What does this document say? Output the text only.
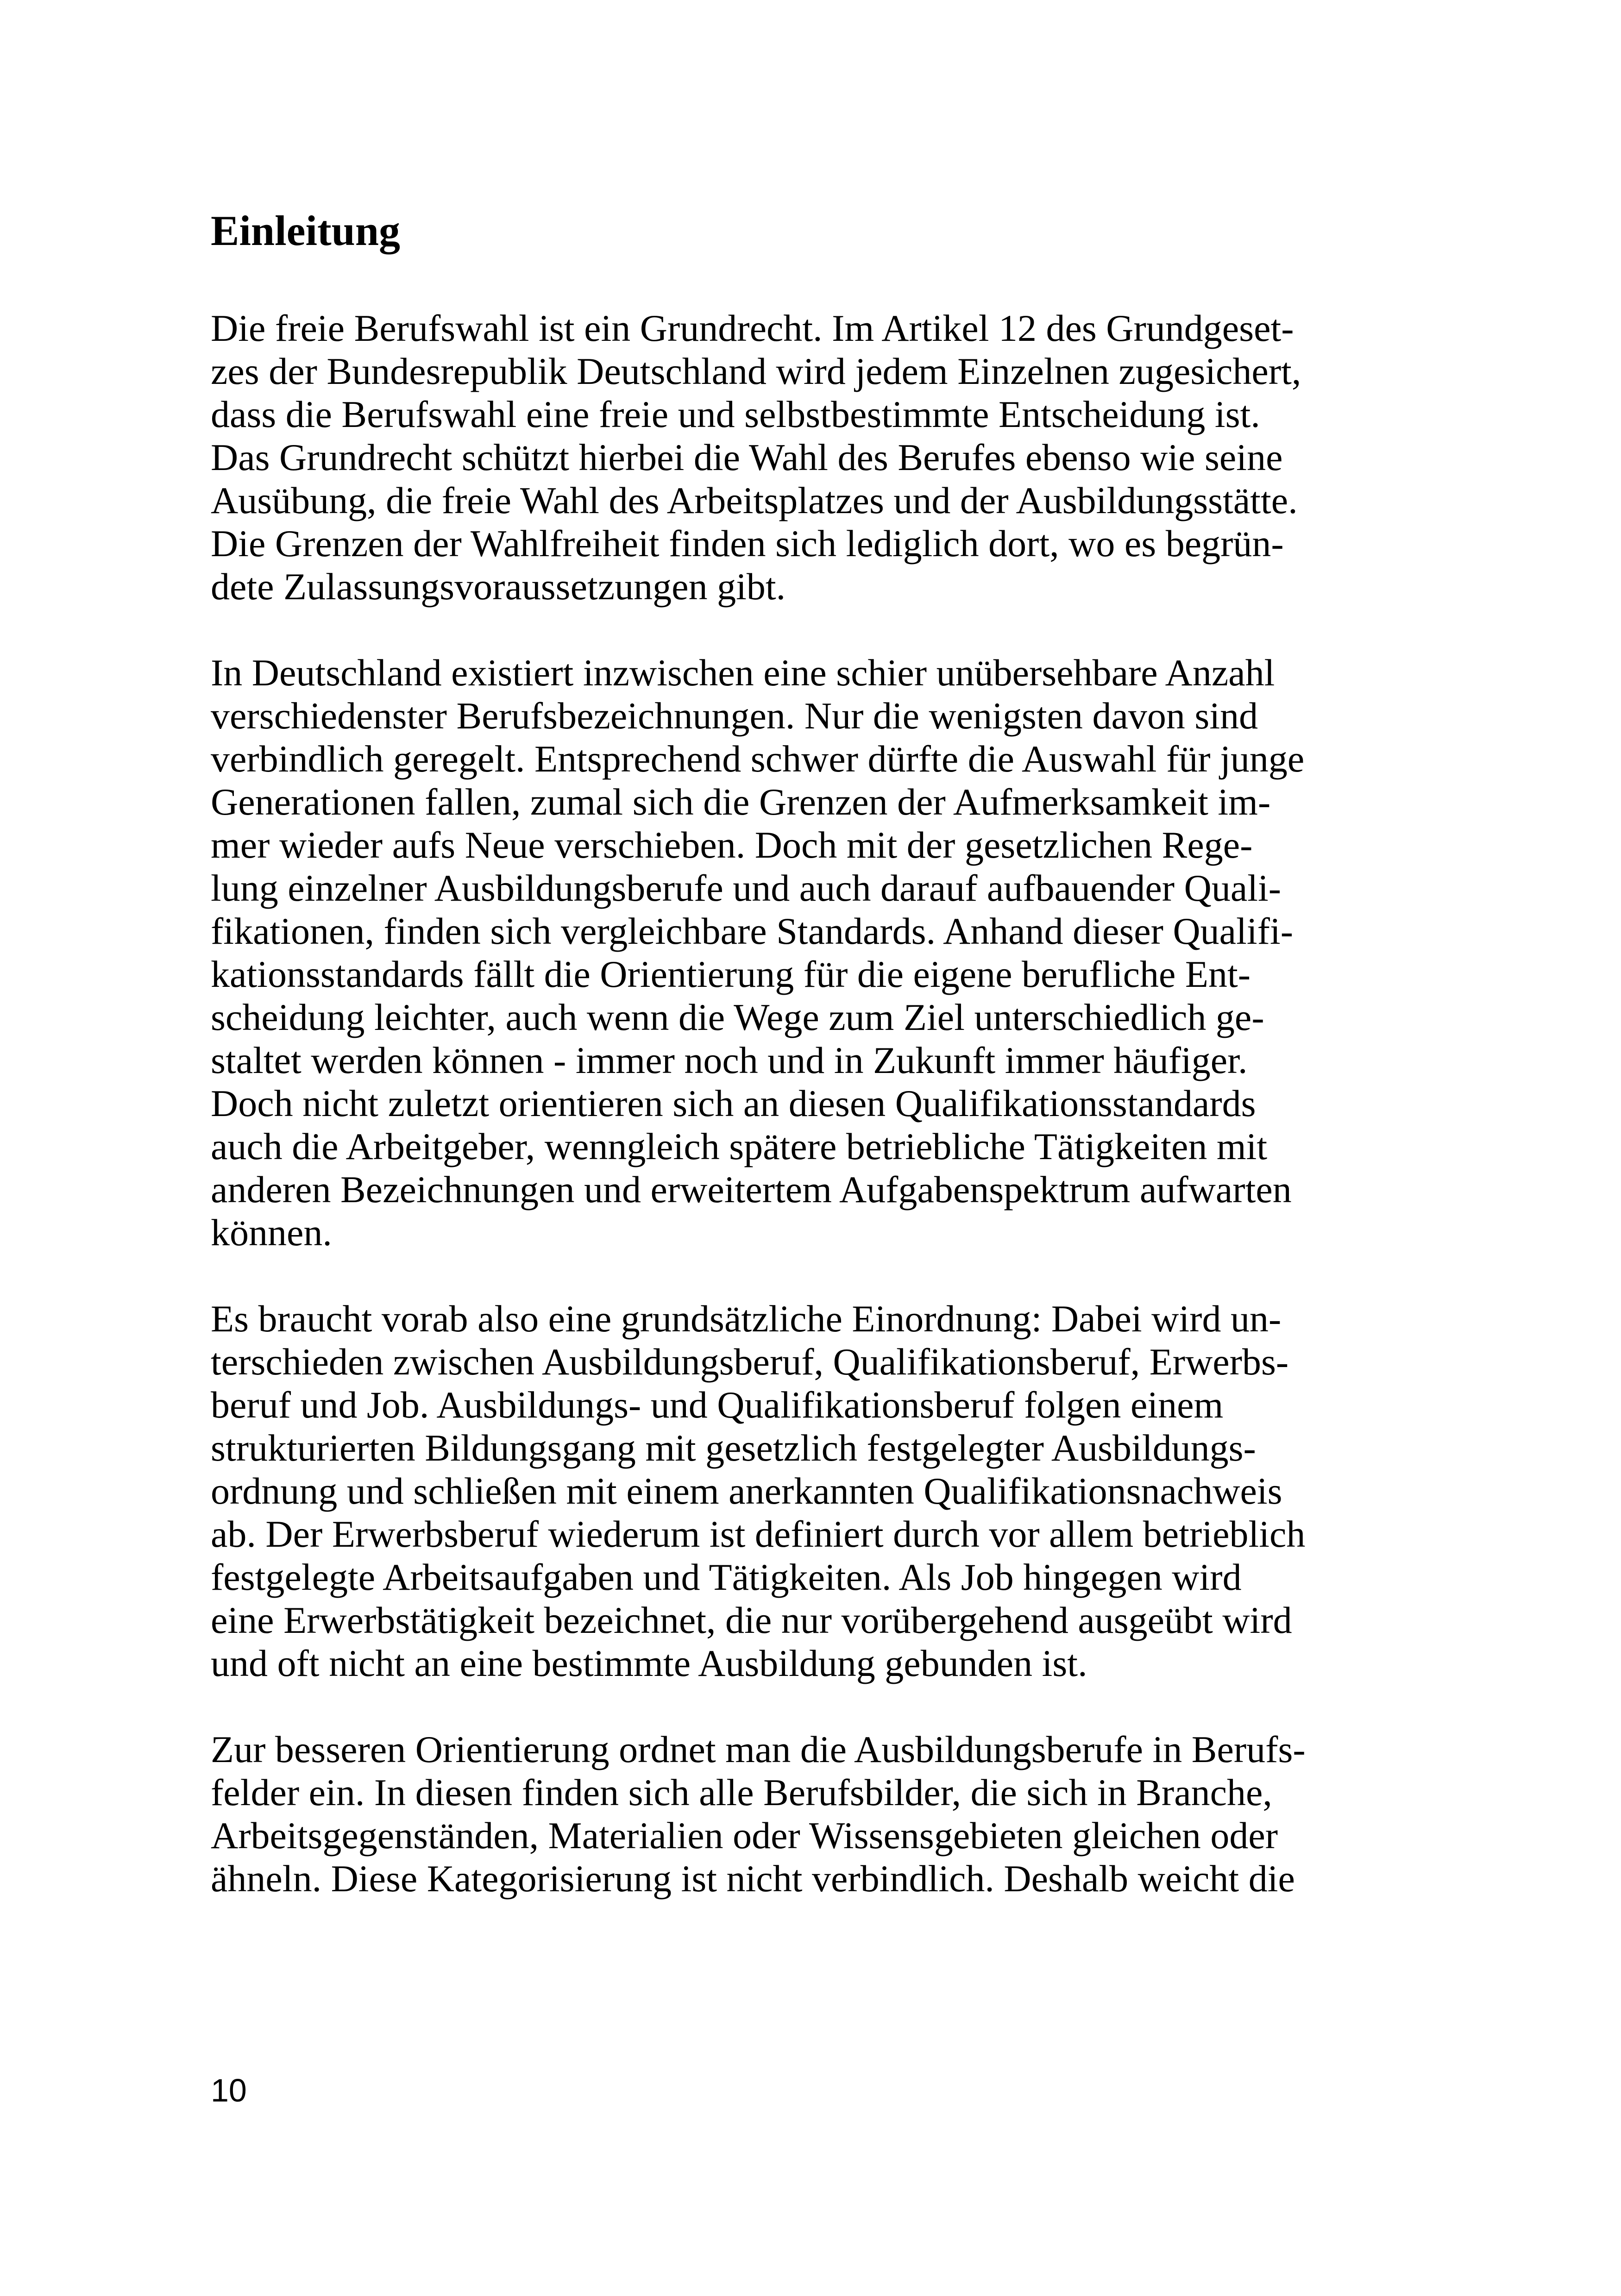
Einleitung

Die freie Berufswahl ist ein Grundrecht. Im Artikel 12 des Grundgeset-
zes der Bundesrepublik Deutschland wird jedem Einzelnen zugesichert,
dass die Berufswahl eine freie und selbstbestimmte Entscheidung ist.
Das Grundrecht schützt hierbei die Wahl des Berufes ebenso wie seine
Ausübung, die freie Wahl des Arbeitsplatzes und der Ausbildungsstätte.
Die Grenzen der Wahlfreiheit finden sich lediglich dort, wo es begrün-
dete Zulassungsvoraussetzungen gibt.

In Deutschland existiert inzwischen eine schier unübersehbare Anzahl
verschiedenster Berufsbezeichnungen. Nur die wenigsten davon sind
verbindlich geregelt. Entsprechend schwer dürfte die Auswahl für junge
Generationen fallen, zumal sich die Grenzen der Aufmerksamkeit im-
mer wieder aufs Neue verschieben. Doch mit der gesetzlichen Rege-
lung einzelner Ausbildungsberufe und auch darauf aufbauender Quali-
fikationen, finden sich vergleichbare Standards. Anhand dieser Qualifi-
kationsstandards fällt die Orientierung für die eigene berufliche Ent-
scheidung leichter, auch wenn die Wege zum Ziel unterschiedlich ge-
staltet werden können - immer noch und in Zukunft immer häufiger.
Doch nicht zuletzt orientieren sich an diesen Qualifikationsstandards
auch die Arbeitgeber, wenngleich spätere betriebliche Tätigkeiten mit
anderen Bezeichnungen und erweitertem Aufgabenspektrum aufwarten
können.

Es braucht vorab also eine grundsätzliche Einordnung: Dabei wird un-
terschieden zwischen Ausbildungsberuf, Qualifikationsberuf, Erwerbs-
beruf und Job. Ausbildungs- und Qualifikationsberuf folgen einem
strukturierten Bildungsgang mit gesetzlich festgelegter Ausbildungs-
ordnung und schließen mit einem anerkannten Qualifikationsnachweis
ab. Der Erwerbsberuf wiederum ist definiert durch vor allem betrieblich
festgelegte Arbeitsaufgaben und Tätigkeiten. Als Job hingegen wird
eine Erwerbstätigkeit bezeichnet, die nur vorübergehend ausgeübt wird
und oft nicht an eine bestimmte Ausbildung gebunden ist.

Zur besseren Orientierung ordnet man die Ausbildungsberufe in Berufs-
felder ein. In diesen finden sich alle Berufsbilder, die sich in Branche,
Arbeitsgegenständen, Materialien oder Wissensgebieten gleichen oder
ähneln. Diese Kategorisierung ist nicht verbindlich. Deshalb weicht die

10
